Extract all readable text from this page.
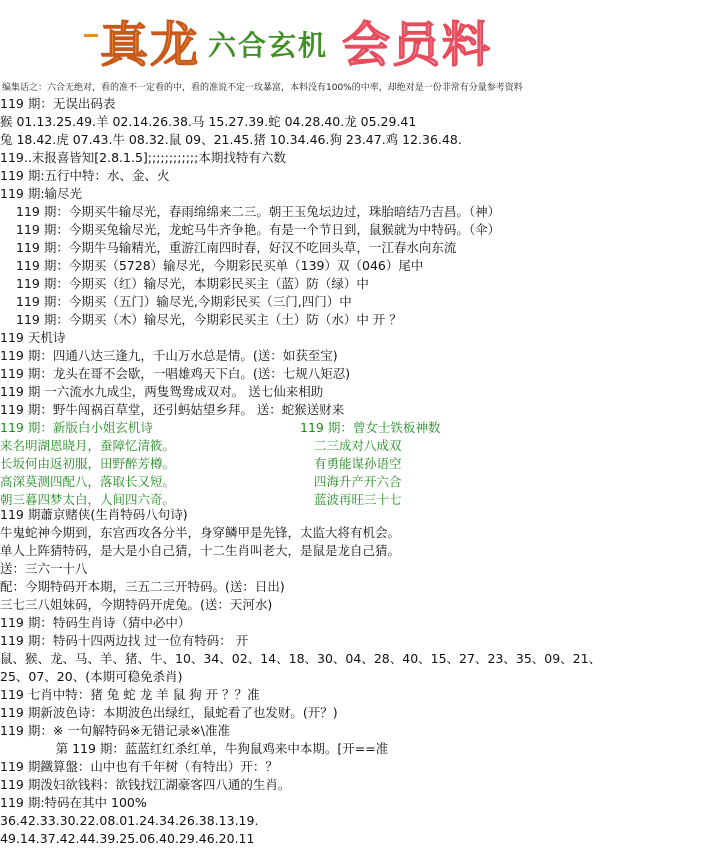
真龙 六合玄机 会员料
编集话之：六合无绝对，看的准不一定看的中，看的准说不定一玫暴富，本料没有100%的中率，却绝对是一份非常有分量参考资料
119 期：无误出码表
猴 01.13.25.49.羊 02.14.26.38.马 15.27.39.蛇 04.28.40.龙 05.29.41
兔 18.42.虎 07.43.牛 08.32.鼠 09、21.45.猪 10.34.46.狗 23.47.鸡 12.36.48.
119..末报喜皆知[2.8.1.5];;;;;;;;;;;;本期找特有六数
119 期:五行中特：水、金、火
119 期:输尽光
119 期：今期买牛输尽光，春雨绵绵来二三。朝王玉兔坛边过，珠胎暗结乃吉昌。（神）
119 期：今期买兔输尽光，龙蛇马牛齐争艳。有是一个节日到，鼠猴就为中特码。（伞）
119 期：今期牛马输精光，重游江南四时春，好汉不吃回头草，一江春水向东流
119 期：今期买（5728）输尽光，今期彩民买单（139）双（046）尾中
119 期：今期买（红）输尽光，本期彩民买主（蓝）防（绿）中
119 期：今期买（五门）输尽光,今期彩民买（三门,四门）中
119 期：今期买（木）输尽光，今期彩民买主（土）防（水）中 开 ？
119 天机诗
119 期：四通八达三逢九，千山万水总是情。(送：如获至宝)
119 期：龙头在哥不会歇，一唱雄鸡天下白。(送：七规八矩忍)
119 期 一六流水九成尘，两隻鸳鸯成双对。 送七仙来相助
119 期：野牛闯祸百草堂，还引蚂姑望乡拜。 送：蛇猴送财来
119 期：新版白小姐玄机诗	119 期：曾女士铁板神数
来名明湖恩晓月，蚕障忆清筱。	二三成对八成双
长坂何由返初服，田野醉芳樽。	有勇能谋孙语空
高深莫测四配八，落取长又短。	四海升产开六合
朝三暮四梦太白，人间四六奇。	蓝波再旺三十七
119 期蕭京赌侠(生肖特码八句诗)
牛鬼蛇神今期到，东宫西攻各分半，身穿鳞甲是先锋，太监大将有机会。
单人上阵猜特码，是大是小自己猜，十二生肖叫老大，是鼠是龙自己猜。
送：三六一十八
配：今期特码开本期，三五二三开特码。(送：日出)
三七三八姐妹码，今期特码开虎兔。(送：天河水)
119 期：特码生肖诗（猜中必中）
119 期：特码十四两边找 过一位有特码： 开
鼠、猴、龙、马、羊、猪、牛、10、34、02、14、18、30、04、28、40、15、27、23、35、09、21、
25、07、20、(本期可稳免杀肖)
119 七肖中特：猪 兔 蛇 龙 羊 鼠 狗 开 ？？准
119 期新波色诗：本期波色出绿红，鼠蛇看了也发财。(开？)
119 期：※ 一句解特码※无错记录※\准准
第 119 期：蓝蓝红红杀红单，牛狗鼠鸡来中本期。[开==准
119 期鐵算盤：山中也有千年树（有特出）开：？
119 期泼妇欲钱料：欲钱找江湖豪客四八通的生肖。
119 期:特码在其中 100%
36.42.33.30.22.08.01.24.34.26.38.13.19.
49.14.37.42.44.39.25.06.40.29.46.20.11
